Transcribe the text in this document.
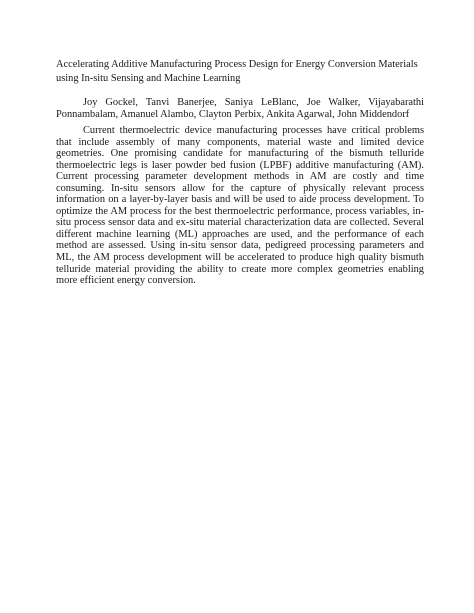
Accelerating Additive Manufacturing Process Design for Energy Conversion Materials using In-situ Sensing and Machine Learning

Joy Gockel, Tanvi Banerjee, Saniya LeBlanc, Joe Walker, Vijayabarathi Ponnambalam, Amanuel Alambo, Clayton Perbix, Ankita Agarwal, John Middendorf

Current thermoelectric device manufacturing processes have critical problems that include assembly of many components, material waste and limited device geometries. One promising candidate for manufacturing of the bismuth telluride thermoelectric legs is laser powder bed fusion (LPBF) additive manufacturing (AM). Current processing parameter development methods in AM are costly and time consuming. In-situ sensors allow for the capture of physically relevant process information on a layer-by-layer basis and will be used to aide process development. To optimize the AM process for the best thermoelectric performance, process variables, in-situ process sensor data and ex-situ material characterization data are collected. Several different machine learning (ML) approaches are used, and the performance of each method are assessed. Using in-situ sensor data, pedigreed processing parameters and ML, the AM process development will be accelerated to produce high quality bismuth telluride material providing the ability to create more complex geometries enabling more efficient energy conversion.
